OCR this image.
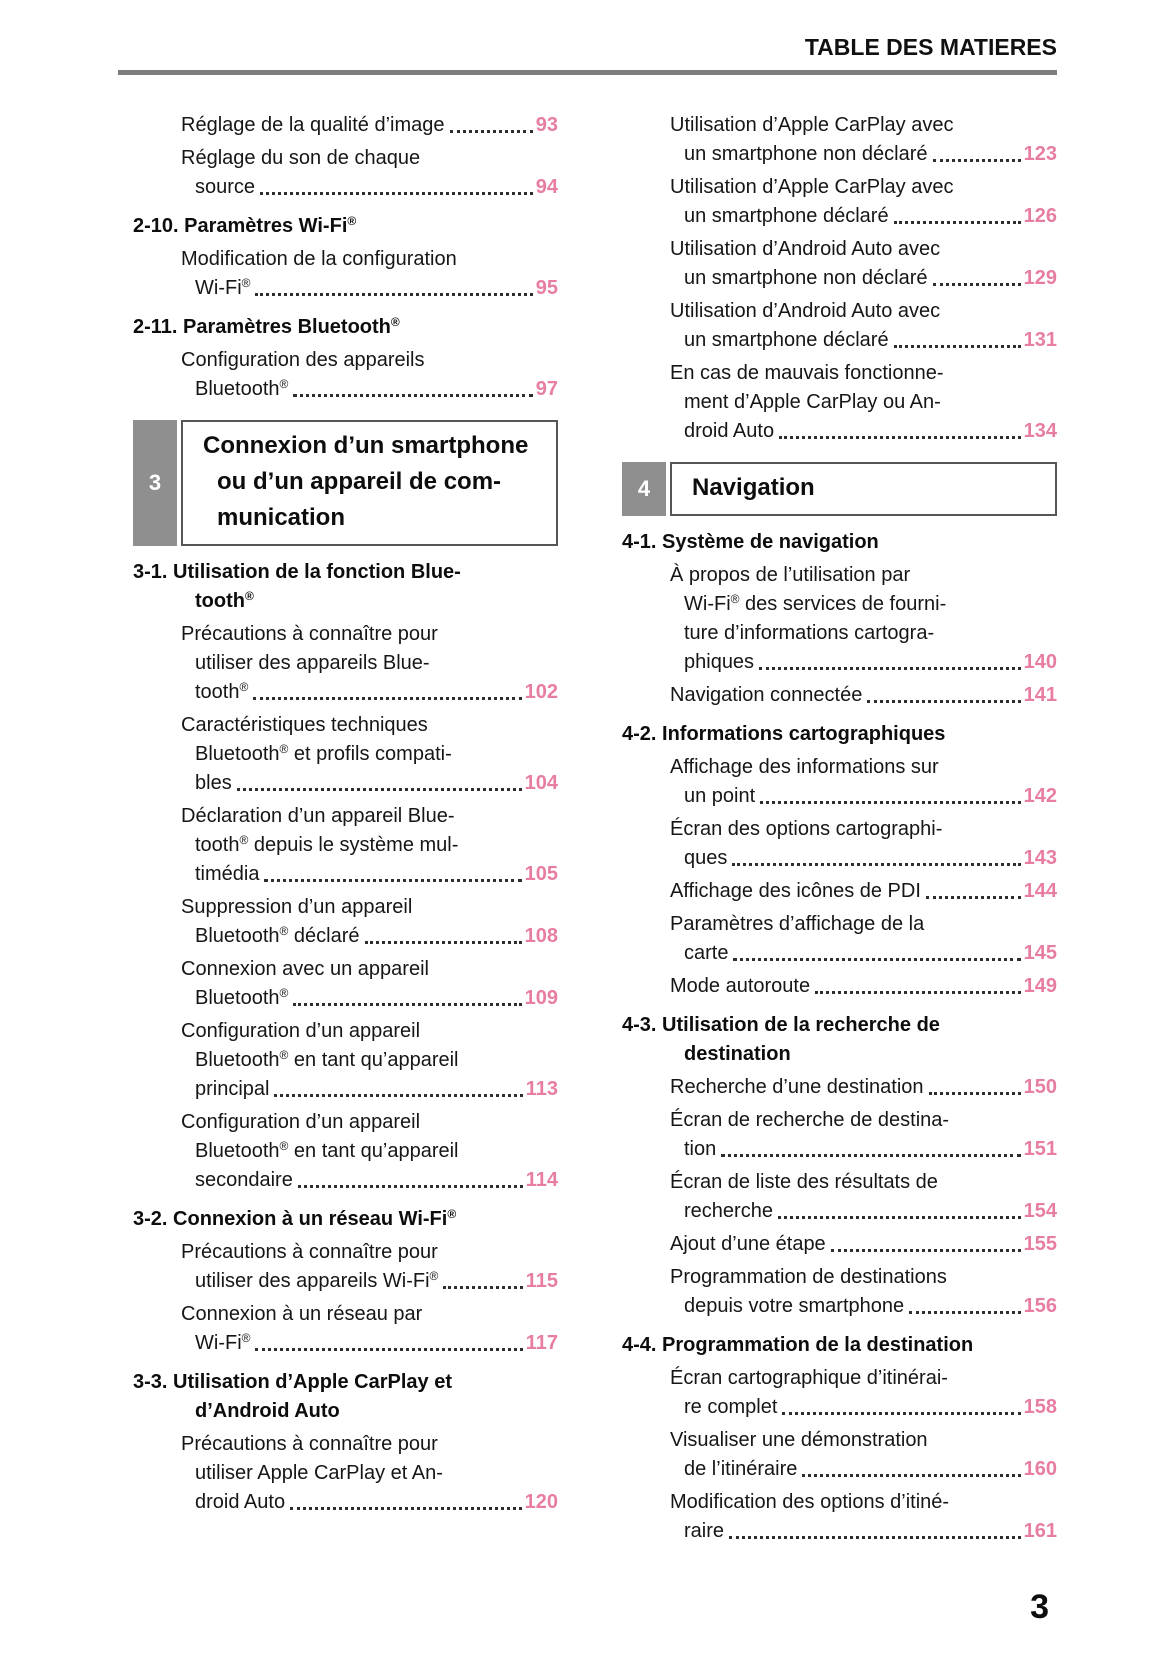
TABLE DES MATIERES
Réglage de la qualité d’image	93
Réglage du son de chaque
source	94
2-10. Paramètres Wi-Fi®
Modification de la configuration
Wi-Fi®	95
2-11. Paramètres Bluetooth®
Configuration des appareils
Bluetooth®	97
3
Connexion d’un smartphone
ou d’un appareil de com-
munication
3-1. Utilisation de la fonction Blue-
tooth®
Précautions à connaître pour
utiliser des appareils Blue-
tooth®	102
Caractéristiques techniques
Bluetooth® et profils compati-
bles	104
Déclaration d’un appareil Blue-
tooth® depuis le système mul-
timédia	105
Suppression d’un appareil
Bluetooth® déclaré	108
Connexion avec un appareil
Bluetooth®	109
Configuration d’un appareil
Bluetooth® en tant qu’appareil
principal	113
Configuration d’un appareil
Bluetooth® en tant qu’appareil
secondaire	114
3-2. Connexion à un réseau Wi-Fi®
Précautions à connaître pour
utiliser des appareils Wi-Fi®	115
Connexion à un réseau par
Wi-Fi®	117
3-3. Utilisation d’Apple CarPlay et
d’Android Auto
Précautions à connaître pour
utiliser Apple CarPlay et An-
droid Auto	120
Utilisation d’Apple CarPlay avec
un smartphone non déclaré	123
Utilisation d’Apple CarPlay avec
un smartphone déclaré	126
Utilisation d’Android Auto avec
un smartphone non déclaré	129
Utilisation d’Android Auto avec
un smartphone déclaré	131
En cas de mauvais fonctionne-
ment d’Apple CarPlay ou An-
droid Auto	134
4 Navigation
4-1. Système de navigation
À propos de l’utilisation par
Wi-Fi® des services de fourni-
ture d’informations cartogra-
phiques	140
Navigation connectée	141
4-2. Informations cartographiques
Affichage des informations sur
un point	142
Écran des options cartographi-
ques	143
Affichage des icônes de PDI	144
Paramètres d’affichage de la
carte	145
Mode autoroute	149
4-3. Utilisation de la recherche de
destination
Recherche d’une destination	150
Écran de recherche de destina-
tion	151
Écran de liste des résultats de
recherche	154
Ajout d’une étape	155
Programmation de destinations
depuis votre smartphone	156
4-4. Programmation de la destination
Écran cartographique d’itinérai-
re complet	158
Visualiser une démonstration
de l’itinéraire	160
Modification des options d’itiné-
raire	161
3
